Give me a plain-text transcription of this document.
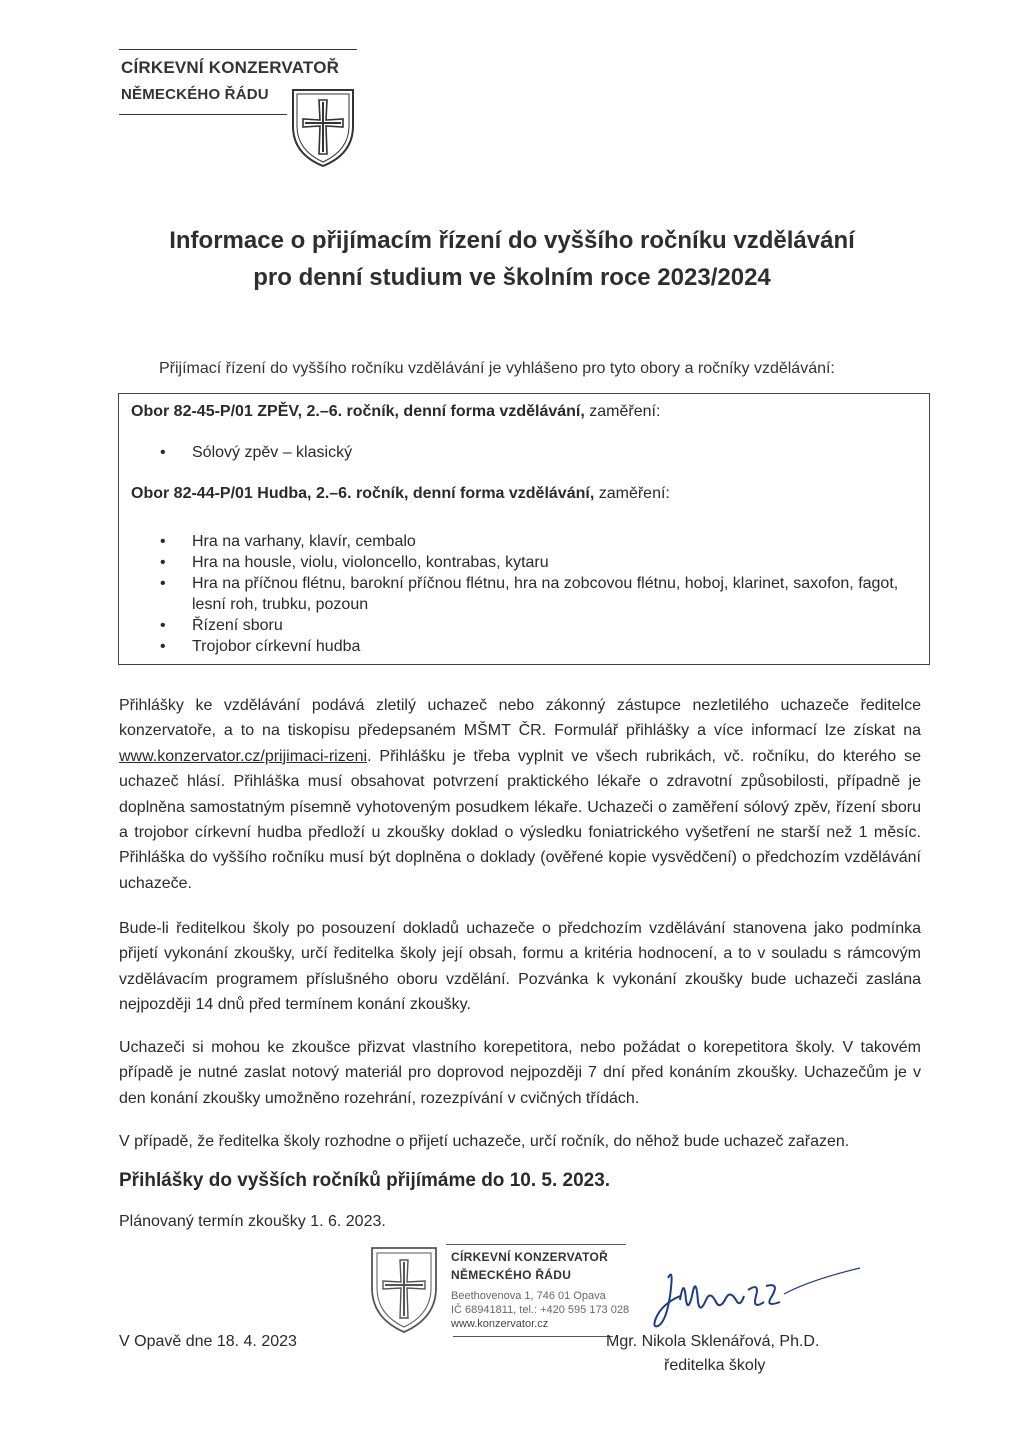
CÍRKEVNÍ KONZERVATOŘ
NĚMECKÉHO ŘÁDU
Informace o přijímacím řízení do vyššího ročníku vzdělávání
pro denní studium ve školním roce 2023/2024
Přijímací řízení do vyššího ročníku vzdělávání je vyhlášeno pro tyto obory a ročníky vzdělávání:
Obor 82-45-P/01 ZPĚV, 2.–6. ročník, denní forma vzdělávání, zaměření:
• Sólový zpěv – klasický
Obor 82-44-P/01 Hudba, 2.–6. ročník, denní forma vzdělávání, zaměření:
• Hra na varhany, klavír, cembalo
• Hra na housle, violu, violoncello, kontrabas, kytaru
• Hra na příčnou flétnu, barokní příčnou flétnu, hra na zobcovou flétnu, hoboj, klarinet, saxofon, fagot, lesní roh, trubku, pozoun
• Řízení sboru
• Trojobor církevní hudba
Přihlášky ke vzdělávání podává zletilý uchazeč nebo zákonný zástupce nezletilého uchazeče ředitelce konzervatoře, a to na tiskopisu předepsaném MŠMT ČR. Formulář přihlášky a více informací lze získat na www.konzervator.cz/prijimaci-rizeni. Přihlášku je třeba vyplnit ve všech rubrikách, vč. ročníku, do kterého se uchazeč hlásí. Přihláška musí obsahovat potvrzení praktického lékaře o zdravotní způsobilosti, případně je doplněna samostatným písemně vyhotoveným posudkem lékaře. Uchazeči o zaměření sólový zpěv, řízení sboru a trojobor církevní hudba předloží u zkoušky doklad o výsledku foniatrického vyšetření ne starší než 1 měsíc. Přihláška do vyššího ročníku musí být doplněna o doklady (ověřené kopie vysvědčení) o předchozím vzdělávání uchazeče.
Bude-li ředitelkou školy po posouzení dokladů uchazeče o předchozím vzdělávání stanovena jako podmínka přijetí vykonání zkoušky, určí ředitelka školy její obsah, formu a kritéria hodnocení, a to v souladu s rámcovým vzdělávacím programem příslušného oboru vzdělání. Pozvánka k vykonání zkoušky bude uchazeči zaslána nejpozději 14 dnů před termínem konání zkoušky.
Uchazeči si mohou ke zkoušce přizvat vlastního korepetitora, nebo požádat o korepetitora školy. V takovém případě je nutné zaslat notový materiál pro doprovod nejpozději 7 dní před konáním zkoušky. Uchazečům je v den konání zkoušky umožněno rozehrání, rozezpívání v cvičných třídách.
V případě, že ředitelka školy rozhodne o přijetí uchazeče, určí ročník, do něhož bude uchazeč zařazen.
Přihlášky do vyšších ročníků přijímáme do 10. 5. 2023.
Plánovaný termín zkoušky 1. 6. 2023.
CÍRKEVNÍ KONZERVATOŘ
NĚMECKÉHO ŘÁDU
Beethovenova 1, 746 01 Opava
IČ 68941811, tel.: +420 595 173 028
www.konzervator.cz
V Opavě dne 18. 4. 2023	Mgr. Nikola Sklenářová, Ph.D.
ředitelka školy
